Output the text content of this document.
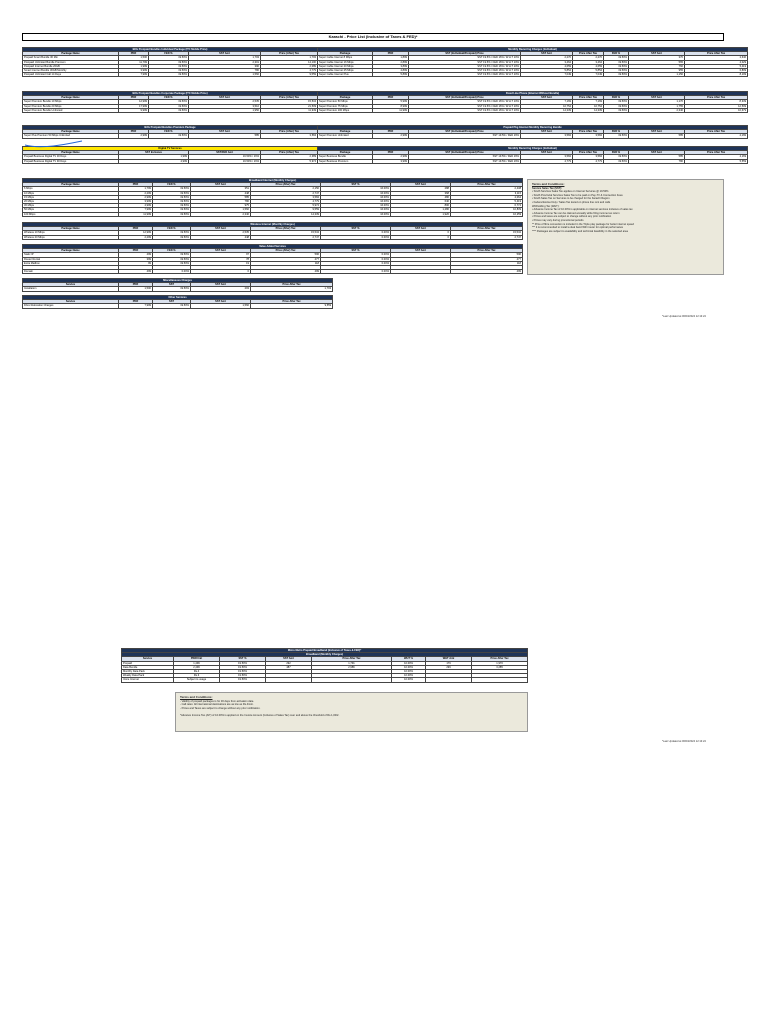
Karachi - Price List (Inclusive of Taxes & FED)*
Bills Postpaid Bundles Individual Package (ITC Mobile Price)				
Package Name	PKR	FED %	SST Amt	Price (After) Tax
Prepaid Smart Bundle 30 Min	1,500	19.50%	1,793	1,793
Postpaid Unlimited Bundle Premium	11,799	19.50%	2,301	14,100
Postpaid Internet Bundle 20GB	1,999	19.50%	390	2,389
Smart Internet Bundle 30GB Monthly	3,999	19.50%	780	4,779
Postpaid Unlimited Call 14 Days	7,999	19.50%	1,560	9,559
Monthly Recurring Charges (Individual)							
Package	PKR	SST (Individual/Postpaid) Price	SST Amt	Price After Tax	FED %	SST Amt	Price After Tax
Super Cable Internet 8 Mbps	1,899	SST 19.5% / FED 16% / W.H.T 10%	2,270	2,270	19.50%	370	2,640
Super Cable Internet 16 Mbps	2,899	SST 19.5% / FED 16% / W.H.T 10%	3,464	3,464	19.50%	565	4,029
Super Cable Internet 20 Mbps	3,899	SST 19.5% / FED 16% / W.H.T 10%	4,659	4,659	19.50%	760	5,419
Super Cable Internet 25 Mbps	4,899	SST 19.5% / FED 16% / W.H.T 10%	5,854	5,854	19.50%	955	6,809
Super Cable Internet Plus	5,899	SST 19.5% / FED 16% / W.H.T 10%	7,049	7,049	19.50%	1,150	8,199
Bills Postpaid Bundles Corporate Package (ITC Mobile Price)				
Package Name	PKR	FED %	SST Amt	Price (After) Tax
Super Premium Bundle 10 Mbps	12,999	19.50%	2,535	15,534
Super Premium Bundle 20 Mbps	17,999	19.50%	3,510	21,509
Super Premium Bundle Unlimited	9,999	19.50%	1,950	11,949
Fixed Line Phone (Internet Without Bundle)							
Package	PKR	SST (Individual/Postpaid) Price	SST Amt	Price After Tax	FED %	SST Amt	Price After Tax
Super Premium 50 Mbps	5,999	SST 19.5% / FED 16% / W.H.T 10%	7,169	7,169	19.50%	1,170	8,339
Super Premium 75 Mbps	8,999	SST 19.5% / FED 16% / W.H.T 10%	10,754	10,754	19.50%	1,755	12,509
Super Premium 100 Mbps	11,999	SST 19.5% / FED 16% / W.H.T 10%	14,339	14,339	19.50%	2,340	16,679
Bills Postpaid Bundles Premium Package				
Package Name	PKR	FED %	SST Amt	Price (After) Tax
Super Plus Premium 50 Mbps Unlimited	2,999	19.50%	585	3,584
Prepaid Pkg Internet Monthly Recurring Bundle							
Package	PKR	SST (Individual/Postpaid) Price	SST Amt	Price After Tax	FED %	SST Amt	Price After Tax
Super Premium Unlimited	2,999	SST 19.5% / FED 16%	3,584	3,584	19.50%	585	4,169
Digital TV Services			
Package Name	SST Inclusive	SST/FED Amt	Price (After) Tax
Prepaid Business Digital TV 30 Days	1,999	19.50% / 16%	2,389
Prepaid Business Digital TV 90 Days	4,999	19.50% / 16%	5,974
Monthly Recurring Charges (Individual)							
Package	PKR	SST (Individual/Postpaid) Price	SST Amt	Price After Tax	FED %	SST Amt	Price After Tax
Super Business Bundle	2,999	SST 19.5% / FED 16%	3,584	3,584	19.50%	585	4,169
Super Business Premium	3,999	SST 19.5% / FED 16%	4,779	4,779	19.50%	780	5,559
Broadband Internet (Monthly Charges)							
Package Name	PKR	FED %	SST Amt	Price (After) Tax	SST %	SST Amt	Price After Tax
6 Mbps	1,799	19.50%	351	2,150	16.00%	288	2,438
10 Mbps	2,299	19.50%	448	2,747	16.00%	368	3,115
15 Mbps	2,999	19.50%	585	3,584	16.00%	480	4,064
20 Mbps	3,999	19.50%	780	4,779	16.00%	640	5,419
30 Mbps	4,999	19.50%	975	5,974	16.00%	800	6,774
50 Mbps	7,999	19.50%	1,560	9,559	16.00%	1,280	10,839
100 Mbps	11,999	19.50%	2,340	14,339	16.00%	1,920	16,259
Wireless Internet (Monthly Charges)							
Package Name	PKR	FED %	SST Amt	Price (After) Tax	SST %	SST Amt	Price After Tax
Wireless 10 Mbps	12,999	19.50%	2,535	15,534	0.00%	0	15,534
Wireless 20 Mbps	2,299	19.50%	448	2,747	0.00%	0	2,747
Value Added Services							
Package Name	PKR	FED %	SST Amt	Price (After) Tax	SST %	SST Amt	Price After Tax
Static IP	499	19.50%	97	596	0.00%		596
Router Rental	399	19.50%	78	477	0.00%		477
Extra Mailbox	99	19.50%	19	118	0.00%		118

Domain	499	0.00%	0	499	0.00%		499
Miscellaneous Charges				
Service	PKR	SST	SST Amt	Price After Tax
Installation	1,500	19.50%	293	1,793
Other Services				
Service	PKR	SST	SST Amt	Price After Tax
Fibre Relocation Charges	7,999	19.50%	1,560	9,559
Micro Metro Prepaid Broadband (Inclusive of Taxes & FED)*							
Broadband (Monthly Charges)							
Service	PKR/Unit	SST %	SST Amt	Price After Tax	WHT %	WHT Amt	Price After Tax
Prepaid	1,499	19.50%	292	1,791	10.00%	179	1,970
Data Bundle	2,499	19.50%	487	2,986	10.00%	299	3,285
Monthly Data Pack	Rs.4	19.50%			10.00%		
Weekly Data Pack	Rs.3	19.50%			10.00%		
Voice Internet	Subject to usage	19.50%			10.00%		
Terms and Conditions:
Service Sales Tax (SST):
• Sindh Services Sales Tax applies on Internet Services @ 19.50%
• Sindh Provincial Services Sales Tax to be paid on Pay-TV & Connection Fees
• Sindh Sales Tax on Services to be charged for the Karachi Region
• Federal Excise Duty / Sales Tax levied on phone line rent and calls
Withholding Tax (WHT):
• Advance Income Tax of 10.00% is applicable on internet services inclusive of sales tax
• Advance Income Tax can be claimed annually while filing income tax return
• Prices and taxes are subject to change without any prior notification
• Prices may vary during promotional periods
** Price of fibre connection is included in the Triple play package for better internet speed
*** It is recommended to install a dual band WiFi router for optimal performance
**** Packages are subject to availability and technical feasibility in the selected area
*Last Updated at 06/03/2024 12:13:24
Terms and Conditions:
- Validity of prepaid packages is for 30 days from activation date.
- Call rates: All international destinations are as low as Rs.4/min.
- Prices and Taxes are subject to change without any prior notification.
*Advance Income Tax (AIT) of 10.00% is applied on the Invoice Amount (Inclusive of Sales Tax) over and above the threshold of Rs.1,000/-
*Last Updated at 06/03/2024 12:13:24
